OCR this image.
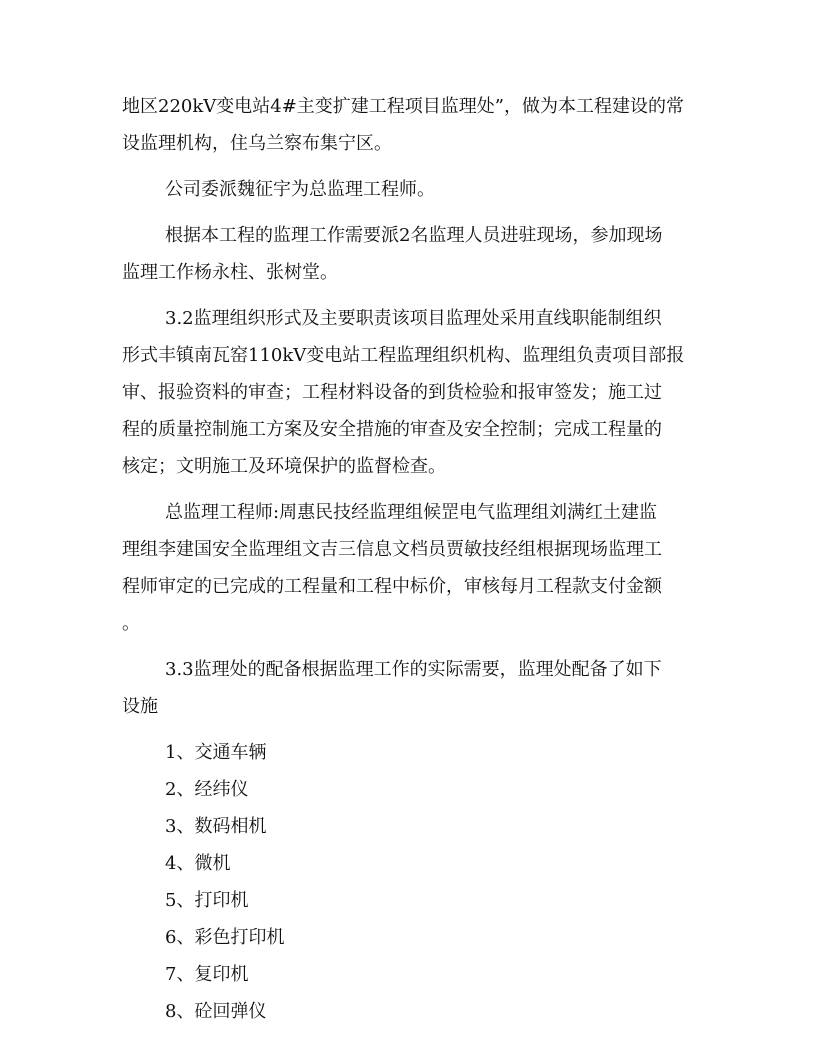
地区220kV变电站4#主变扩建工程项目监理处”，做为本工程建设的常
设监理机构，住乌兰察布集宁区。
公司委派魏征宇为总监理工程师。
根据本工程的监理工作需要派2名监理人员进驻现场，参加现场
监理工作杨永柱、张树堂。
3.2监理组织形式及主要职责该项目监理处采用直线职能制组织
形式丰镇南瓦窑110kV变电站工程监理组织机构、监理组负责项目部报
审、报验资料的审查；工程材料设备的到货检验和报审签发；施工过
程的质量控制施工方案及安全措施的审查及安全控制；完成工程量的
核定；文明施工及环境保护的监督检查。
总监理工程师:周惠民技经监理组候罡电气监理组刘满红土建监
理组李建国安全监理组文吉三信息文档员贾敏技经组根据现场监理工
程师审定的已完成的工程量和工程中标价，审核每月工程款支付金额
。
3.3监理处的配备根据监理工作的实际需要，监理处配备了如下
设施
1、交通车辆
2、经纬仪
3、数码相机
4、微机
5、打印机
6、彩色打印机
7、复印机
8、砼回弹仪
